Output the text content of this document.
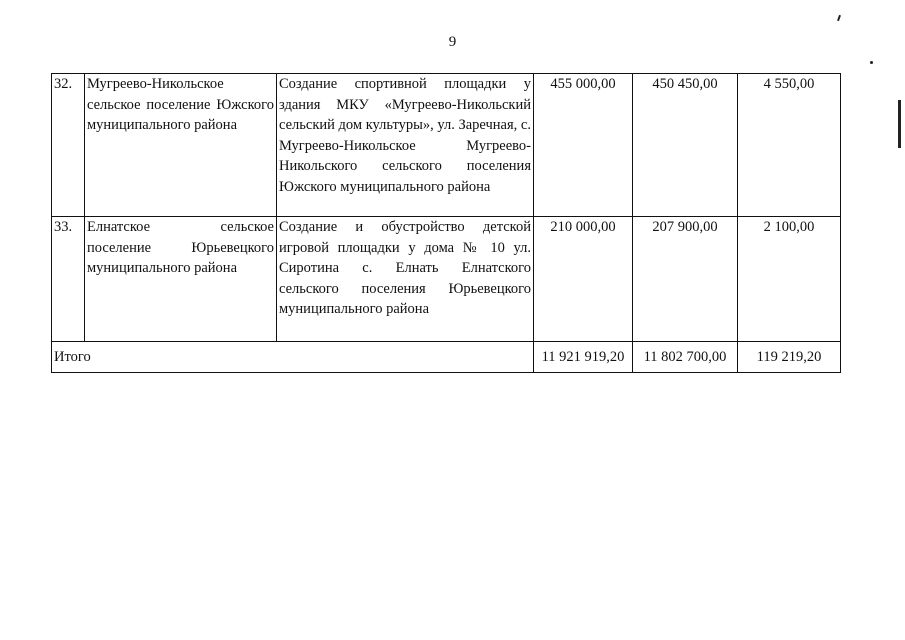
9
32.	Мугреево-Никольское сельское поселение Южского муниципального района	Создание спортивной площадки у здания МКУ «Мугреево-Никольский сельский дом культуры», ул. Заречная, с. Мугреево-Никольское Мугреево-Никольского сельского поселения Южского муниципального района	455 000,00	450 450,00	4 550,00
33.	Елнатское сельское поселение Юрьевецкого муниципального района	Создание и обустройство детской игровой площадки у дома № 10 ул. Сиротина с. Елнать Елнатского сельского поселения Юрьевецкого муниципального района	210 000,00	207 900,00	2 100,00
Итого			11 921 919,20	11 802 700,00	119 219,20
